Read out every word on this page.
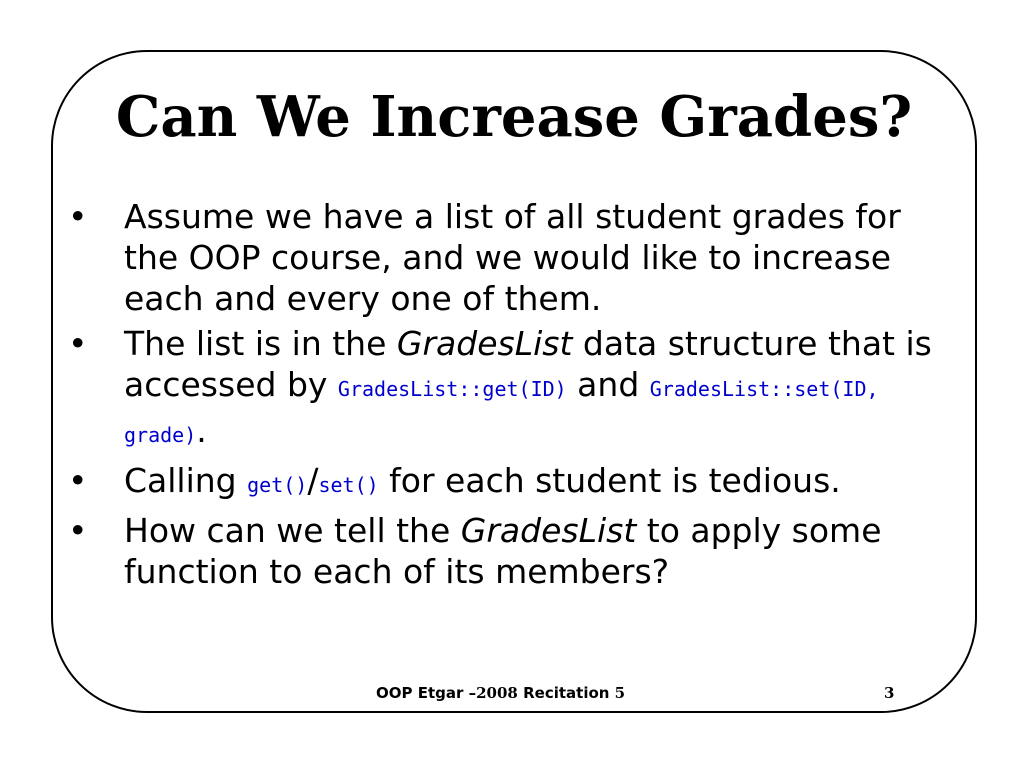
Can We Increase Grades?
• Assume we have a list of all student grades for the OOP course, and we would like to increase each and every one of them.
• The list is in the GradesList data structure that is accessed by GradesList::get(ID) and GradesList::set(ID, grade).
• Calling get()/set() for each student is tedious.
• How can we tell the GradesList to apply some function to each of its members?
OOP Etgar –2008 Recitation 5	3
